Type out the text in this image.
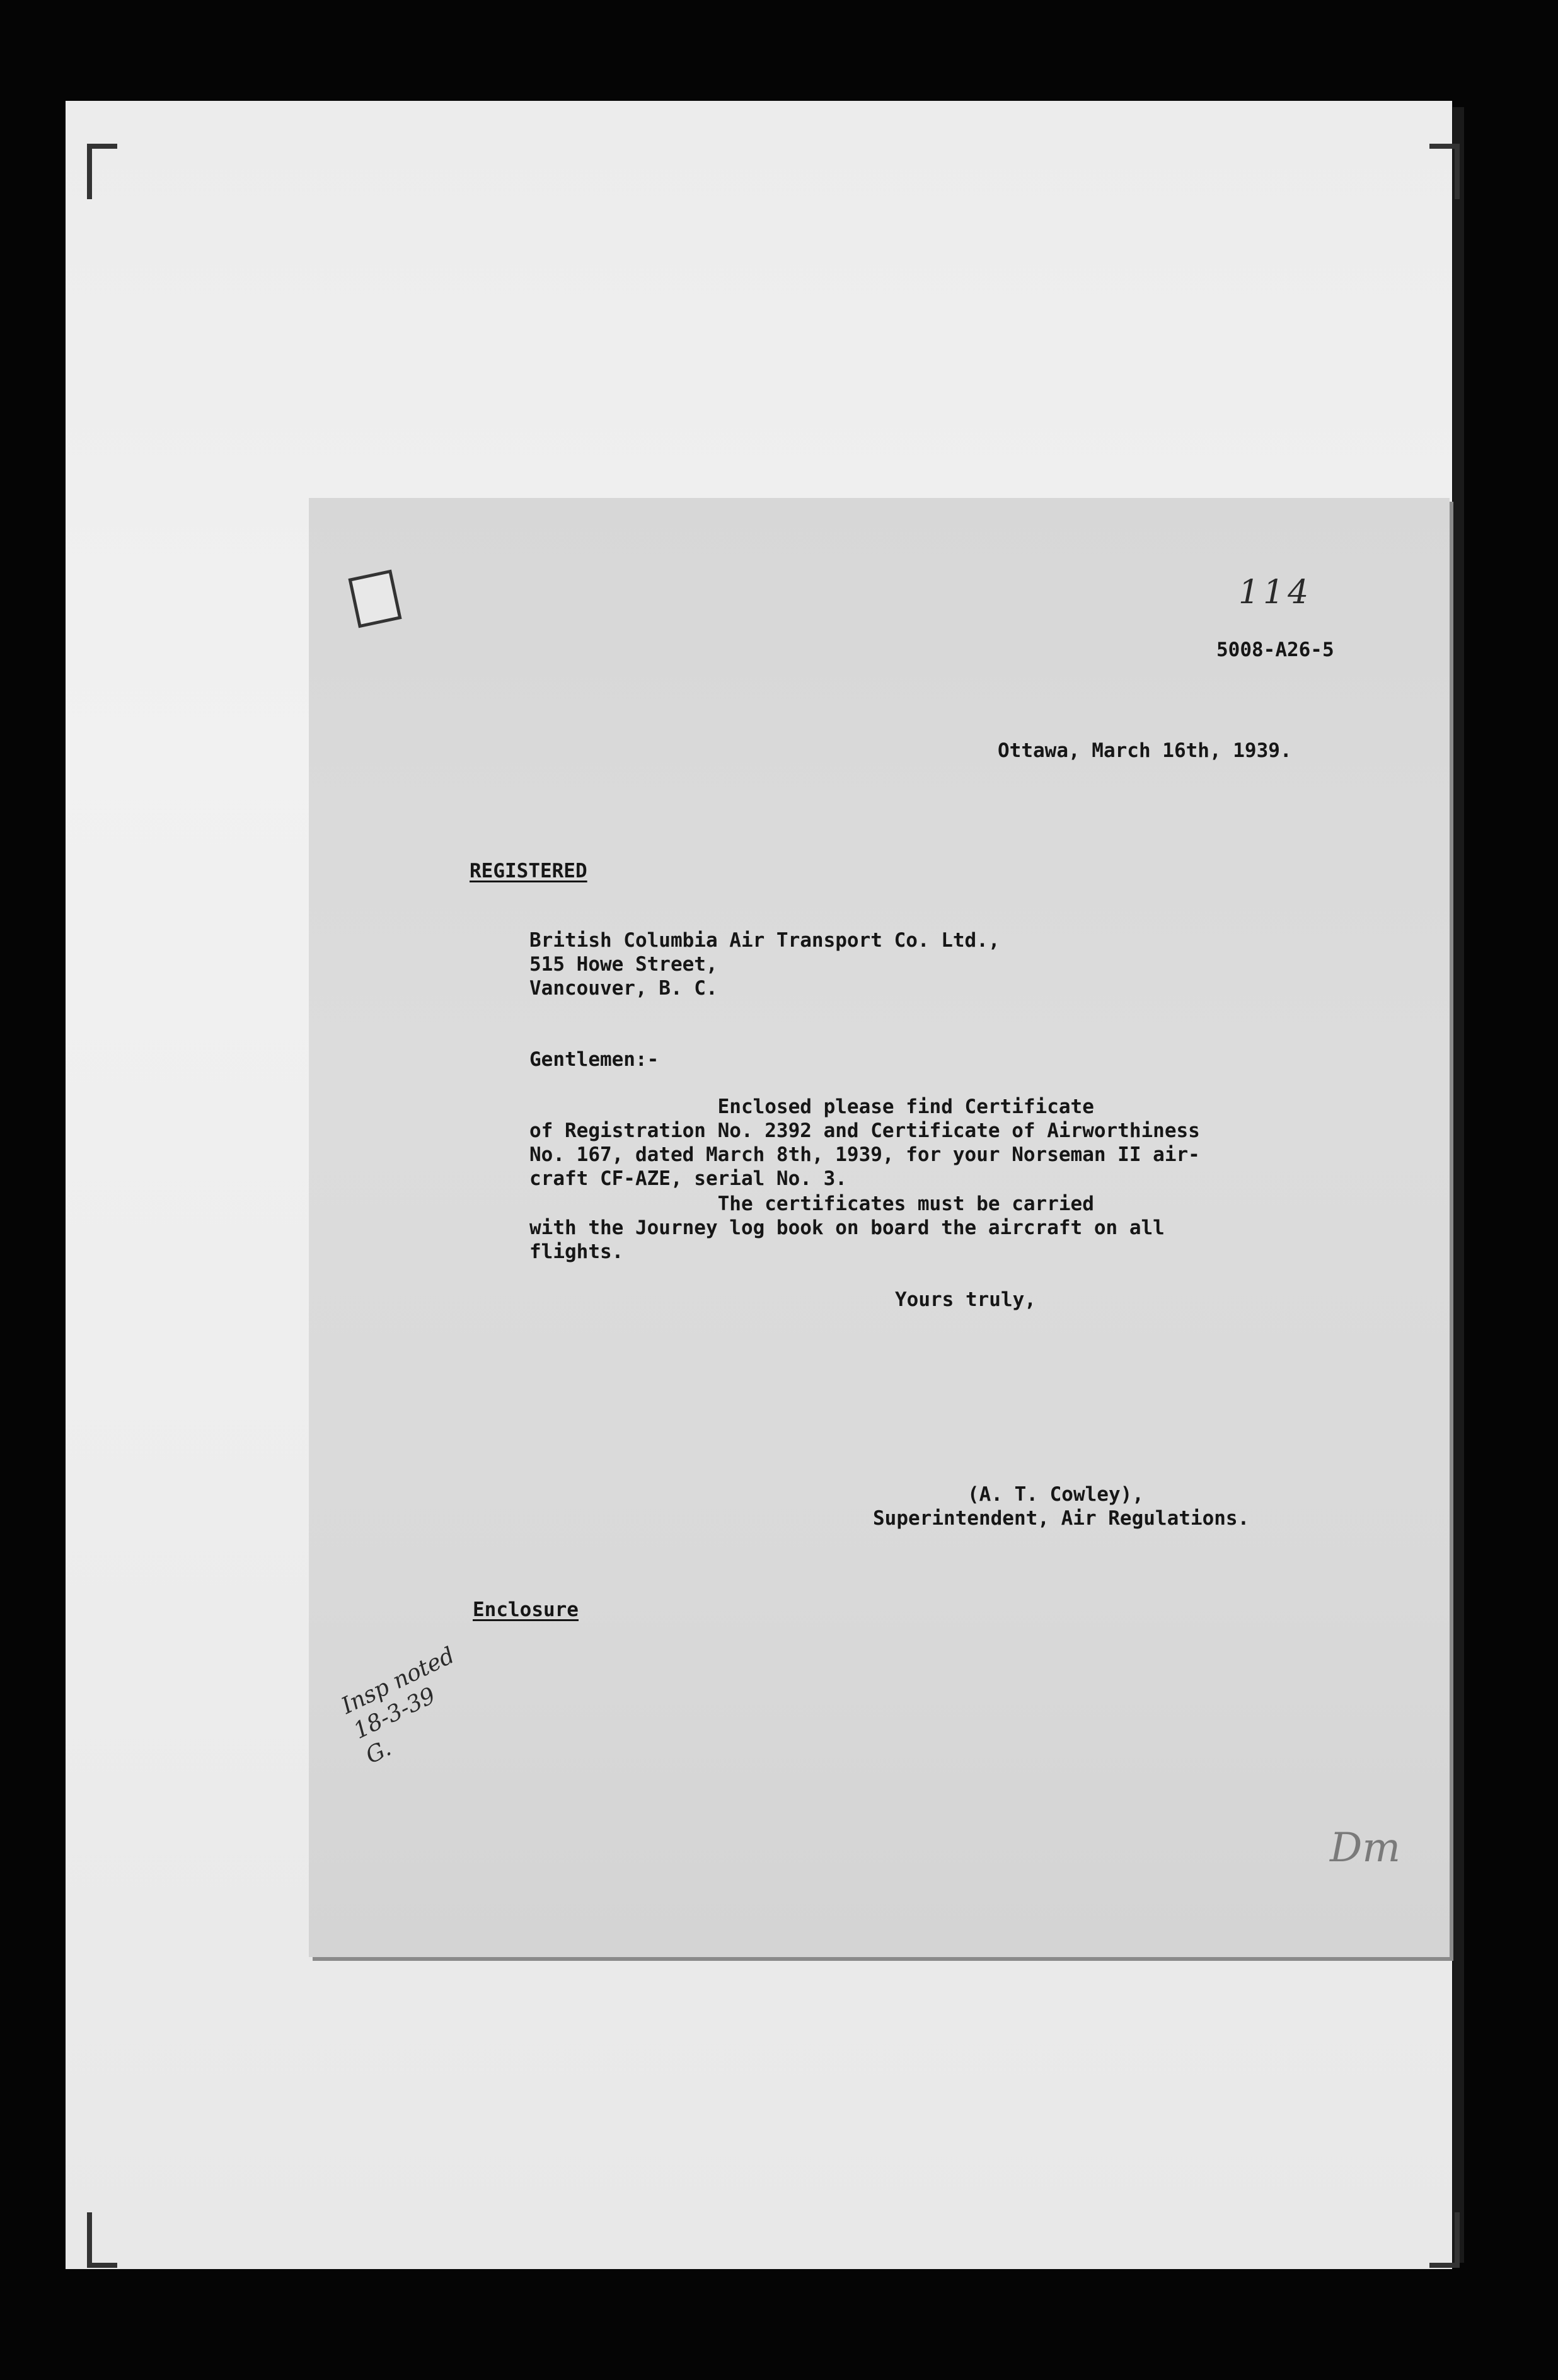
114
5008-A26-5
Ottawa, March 16th, 1939.
REGISTERED
British Columbia Air Transport Co. Ltd.,
515 Howe Street,
Vancouver, B. C.
Gentlemen:-
Enclosed please find Certificate
of Registration No. 2392 and Certificate of Airworthiness
No. 167, dated March 8th, 1939, for your Norseman II air-
craft CF-AZE, serial No. 3.
The certificates must be carried
with the Journey log book on board the aircraft on all
flights.
Yours truly,
(A. T. Cowley),
Superintendent, Air Regulations.
Enclosure
Insp noted
18-3-39
G.
Dm
